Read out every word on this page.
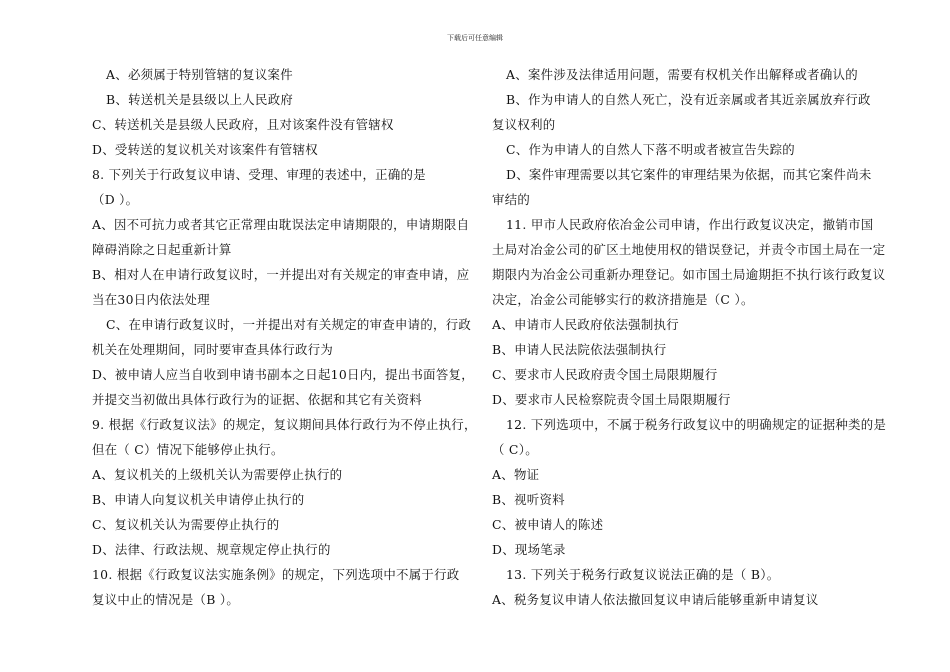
下载后可任意编辑
A、必须属于特别管辖的复议案件
B、转送机关是县级以上人民政府
C、转送机关是县级人民政府，且对该案件没有管辖权
D、受转送的复议机关对该案件有管辖权
8. 下列关于行政复议申请、受理、审理的表述中，正确的是
（D ）。
A、因不可抗力或者其它正常理由耽误法定申请期限的，申请期限自
障碍消除之日起重新计算
B、相对人在申请行政复议时，一并提出对有关规定的审查申请，应
当在30日内依法处理
C、在申请行政复议时，一并提出对有关规定的审查申请的，行政
机关在处理期间，同时要审查具体行政行为
D、被申请人应当自收到申请书副本之日起10日内，提出书面答复，
并提交当初做出具体行政行为的证据、依据和其它有关资料
9. 根据《行政复议法》的规定，复议期间具体行政行为不停止执行，
但在（ C）情况下能够停止执行。
A、复议机关的上级机关认为需要停止执行的
B、申请人向复议机关申请停止执行的
C、复议机关认为需要停止执行的
D、法律、行政法规、规章规定停止执行的
10. 根据《行政复议法实施条例》的规定，下列选项中不属于行政
复议中止的情况是（B ）。
A、案件涉及法律适用问题，需要有权机关作出解释或者确认的
B、作为申请人的自然人死亡，没有近亲属或者其近亲属放弃行政
复议权利的
C、作为申请人的自然人下落不明或者被宣告失踪的
D、案件审理需要以其它案件的审理结果为依据，而其它案件尚未
审结的
11. 甲市人民政府依冶金公司申请，作出行政复议决定，撤销市国
土局对冶金公司的矿区土地使用权的错误登记，并责令市国土局在一定
期限内为冶金公司重新办理登记。如市国土局逾期拒不执行该行政复议
决定，冶金公司能够实行的救济措施是（C ）。
A、申请市人民政府依法强制执行
B、申请人民法院依法强制执行
C、要求市人民政府责令国土局限期履行
D、要求市人民检察院责令国土局限期履行
12. 下列选项中，不属于税务行政复议中的明确规定的证据种类的是
（ C）。
A、物证
B、视听资料
C、被申请人的陈述
D、现场笔录
13. 下列关于税务行政复议说法正确的是（ B）。
A、税务复议申请人依法撤回复议申请后能够重新申请复议
